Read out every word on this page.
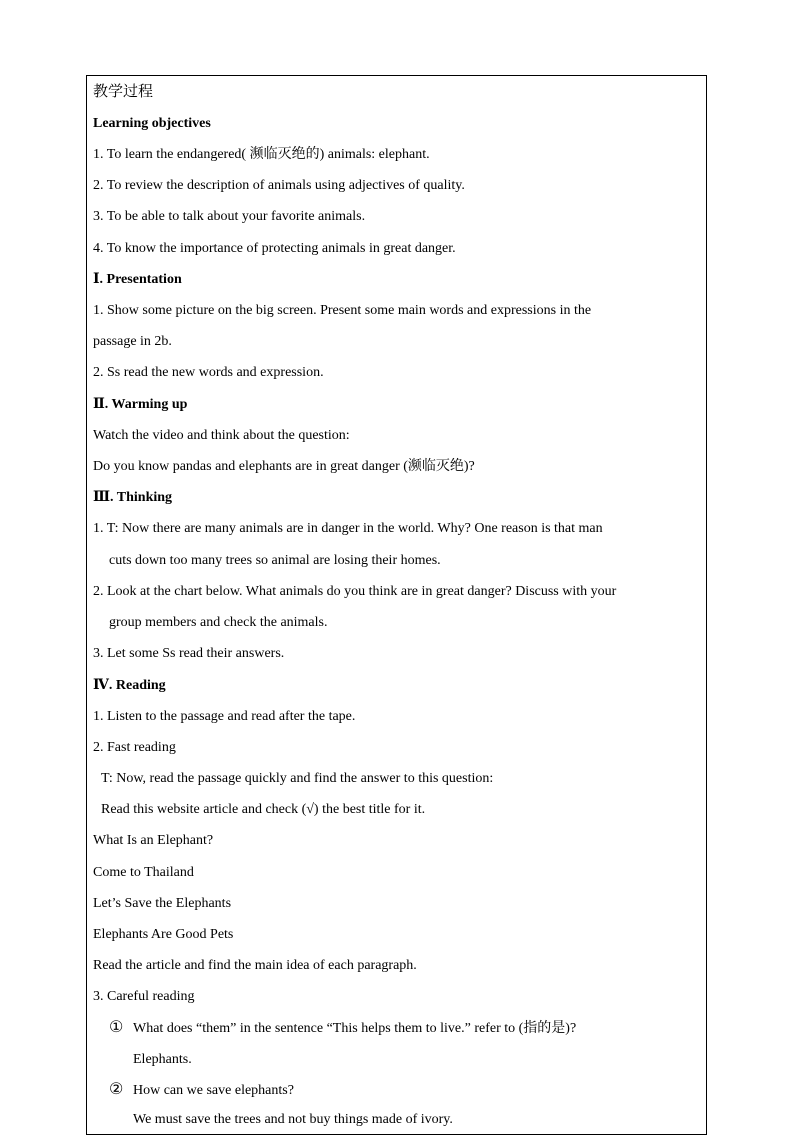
教学过程
Learning objectives
1. To learn the endangered( 濒临灭绝的) animals: elephant.
2. To review the description of animals using adjectives of quality.
3. To be able to talk about your favorite animals.
4. To know the importance of protecting animals in great danger.
Ⅰ. Presentation
1. Show some picture on the big screen. Present some main words and expressions in the
passage in 2b.
2. Ss read the new words and expression.
Ⅱ. Warming up
Watch the video and think about the question:
Do you know pandas and elephants are in great danger (濒临灭绝)?
Ⅲ. Thinking
1. T: Now there are many animals are in danger in the world. Why? One reason is that man
cuts down too many trees so animal are losing their homes.
2. Look at the chart below. What animals do you think are in great danger? Discuss with your
group members and check the animals.
3. Let some Ss read their answers.
Ⅳ. Reading
1. Listen to the passage and read after the tape.
2. Fast reading
T: Now, read the passage quickly and find the answer to this question:
Read this website article and check (√) the best title for it.
What Is an Elephant?
Come to Thailand
Let’s Save the Elephants
Elephants Are Good Pets
Read the article and find the main idea of each paragraph.
3. Careful reading
① What does “them” in the sentence “This helps them to live.” refer to (指的是)?
Elephants.
② How can we save elephants?
We must save the trees and not buy things made of ivory.
